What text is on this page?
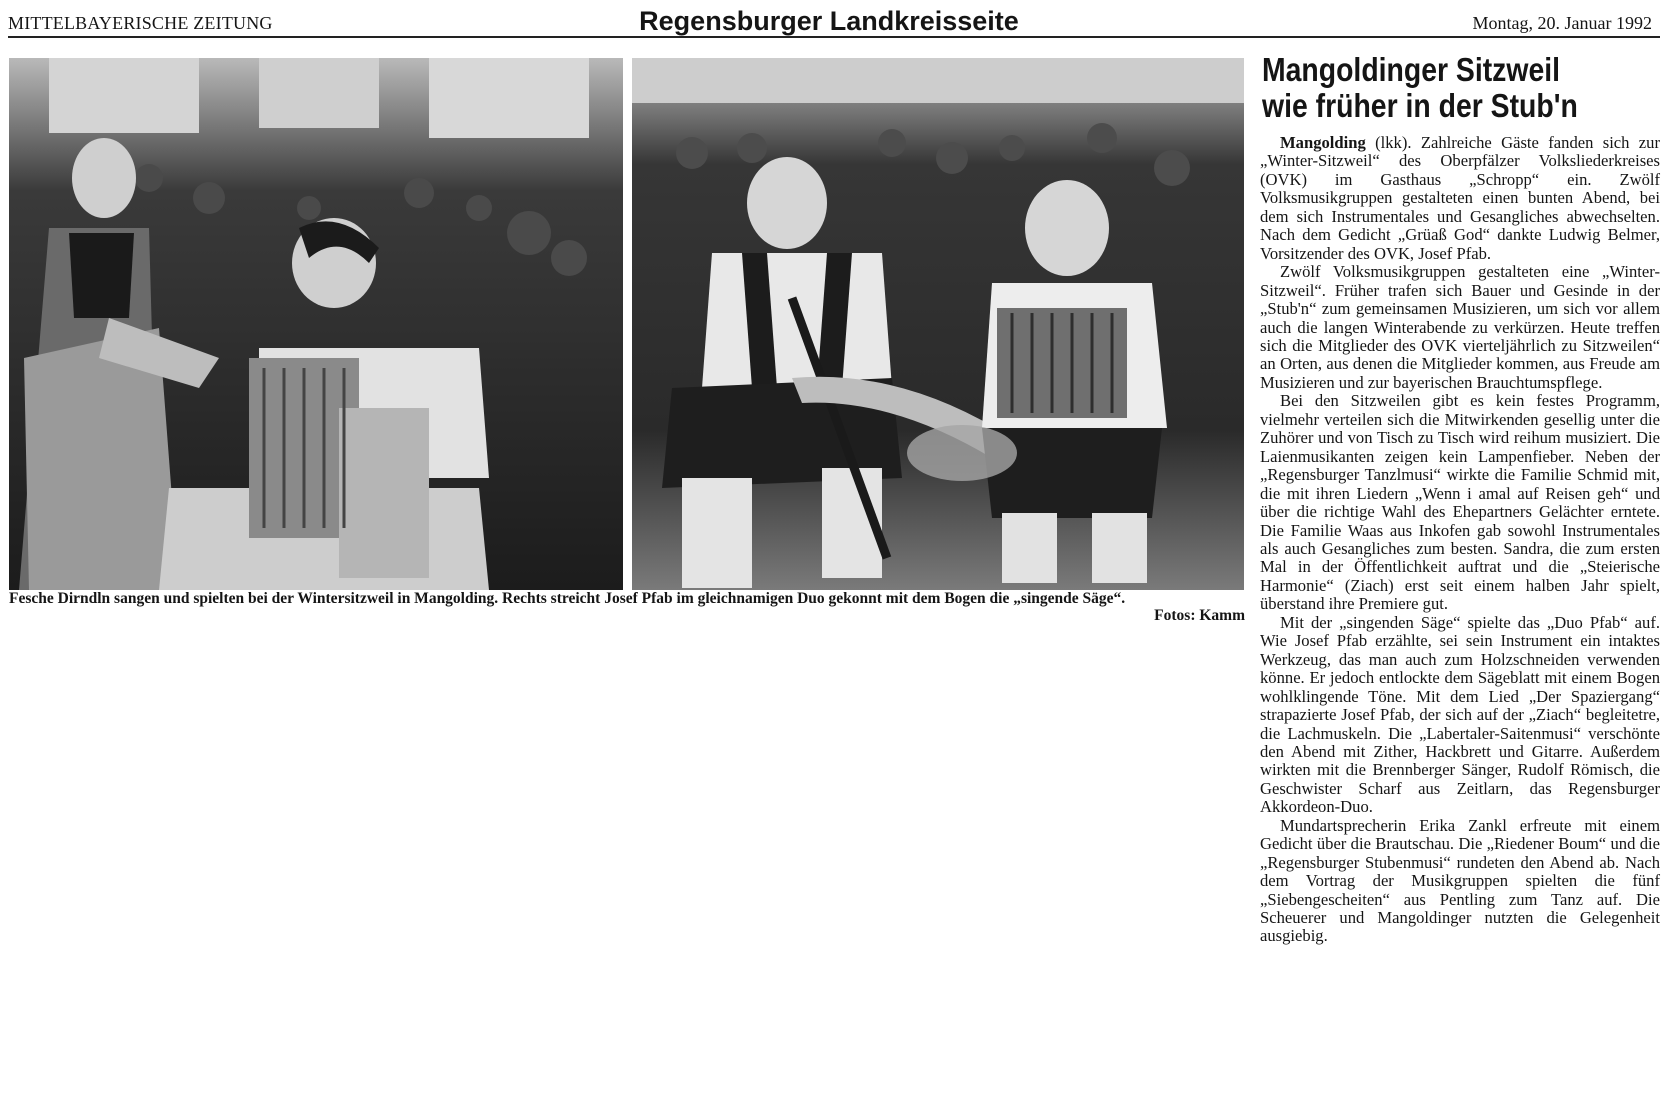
MITTELBAYERISCHE ZEITUNG	Regensburger Landkreisseite	Montag, 20. Januar 1992
Fesche Dirndln sangen und spielten bei der Wintersitzweil in Mangolding. Rechts streicht Josef Pfab im gleichnamigen Duo gekonnt mit dem Bogen die „singende Säge“.
Fotos: Kamm
Mangoldinger Sitzweil
wie früher in der Stub'n

Mangolding (lkk). Zahlreiche Gäste fanden sich zur „Winter-Sitzweil“ des Oberpfälzer Volksliederkreises (OVK) im Gasthaus „Schropp“ ein. Zwölf Volksmusikgruppen gestalteten einen bunten Abend, bei dem sich Instrumentales und Gesangliches abwechselten. Nach dem Gedicht „Grüaß God“ dankte Ludwig Belmer, Vorsitzender des OVK, Josef Pfab.

Zwölf Volksmusikgruppen gestalteten eine „Winter-Sitzweil“. Früher trafen sich Bauer und Gesinde in der „Stub'n“ zum gemeinsamen Musizieren, um sich vor allem auch die langen Winterabende zu verkürzen. Heute treffen sich die Mitglieder des OVK vierteljährlich zu Sitzweilen“ an Orten, aus denen die Mitglieder kommen, aus Freude am Musizieren und zur bayerischen Brauchtumspflege.

Bei den Sitzweilen gibt es kein festes Programm, vielmehr verteilen sich die Mitwirkenden gesellig unter die Zuhörer und von Tisch zu Tisch wird reihum musiziert. Die Laienmusikanten zeigen kein Lampenfieber. Neben der „Regensburger Tanzlmusi“ wirkte die Familie Schmid mit, die mit ihren Liedern „Wenn i amal auf Reisen geh“ und über die richtige Wahl des Ehepartners Gelächter erntete. Die Familie Waas aus Inkofen gab sowohl Instrumentales als auch Gesangliches zum besten. Sandra, die zum ersten Mal in der Öffentlichkeit auftrat und die „Steierische Harmonie“ (Ziach) erst seit einem halben Jahr spielt, überstand ihre Premiere gut.

Mit der „singenden Säge“ spielte das „Duo Pfab“ auf. Wie Josef Pfab erzählte, sei sein Instrument ein intaktes Werkzeug, das man auch zum Holzschneiden verwenden könne. Er jedoch entlockte dem Sägeblatt mit einem Bogen wohlklingende Töne. Mit dem Lied „Der Spaziergang“ strapazierte Josef Pfab, der sich auf der „Ziach“ begleitetre, die Lachmuskeln. Die „Labertaler-Saitenmusi“ verschönte den Abend mit Zither, Hackbrett und Gitarre. Außerdem wirkten mit die Brennberger Sänger, Rudolf Römisch, die Geschwister Scharf aus Zeitlarn, das Regensburger Akkordeon-Duo.

Mundartsprecherin Erika Zankl erfreute mit einem Gedicht über die Brautschau. Die „Riedener Boum“ und die „Regensburger Stubenmusi“ rundeten den Abend ab. Nach dem Vortrag der Musikgruppen spielten die fünf „Siebengescheiten“ aus Pentling zum Tanz auf. Die Scheuerer und Mangoldinger nutzten die Gelegenheit ausgiebig.
